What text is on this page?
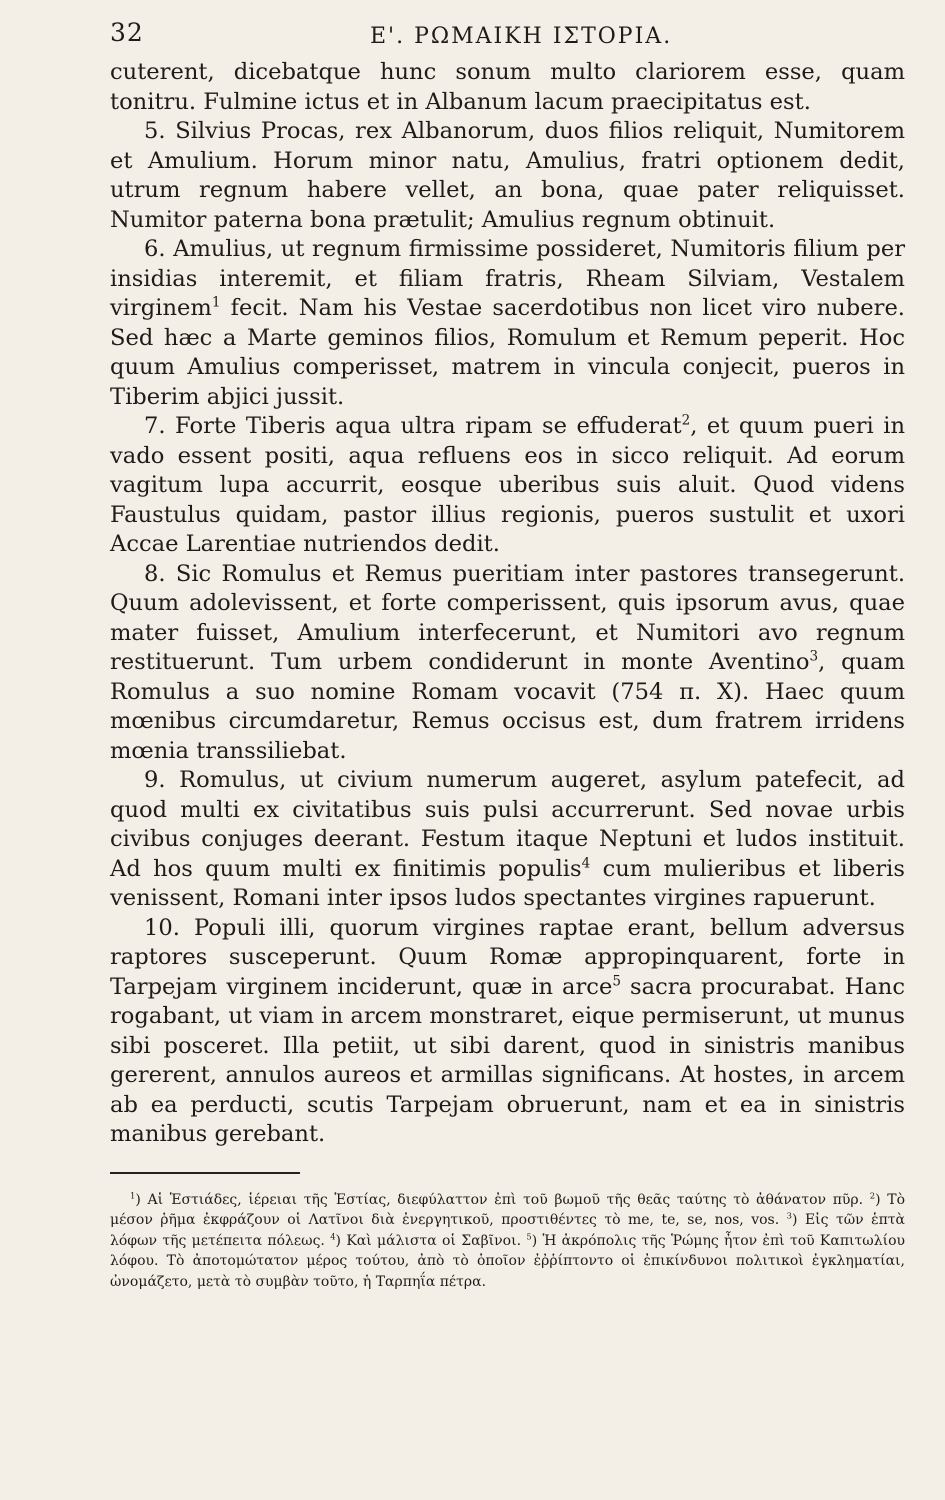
32	Ε'. ΡΩΜΑΙΚΗ ΙΣΤΟΡΙΑ.

cuterent, dicebatque hunc sonum multo clariorem esse, quam tonitru. Fulmine ictus et in Albanum lacum praecipitatus est.

5. Silvius Procas, rex Albanorum, duos filios reliquit, Numitorem et Amulium. Horum minor natu, Amulius, fratri optionem dedit, utrum regnum habere vellet, an bona, quae pater reliquisset. Numitor paterna bona prætulit; Amulius regnum obtinuit.

6. Amulius, ut regnum firmissime possideret, Numitoris filium per insidias interemit, et filiam fratris, Rheam Silviam, Vestalem virginem$^1$ fecit. Nam his Vestae sacerdotibus non licet viro nubere. Sed hæc a Marte geminos filios, Romulum et Remum peperit. Hoc quum Amulius comperisset, matrem in vincula conjecit, pueros in Tiberim abjici jussit.

7. Forte Tiberis aqua ultra ripam se effuderat$^2$, et quum pueri in vado essent positi, aqua refluens eos in sicco reliquit. Ad eorum vagitum lupa accurrit, eosque uberibus suis aluit. Quod videns Faustulus quidam, pastor illius regionis, pueros sustulit et uxori Accae Larentiae nutriendos dedit.

8. Sic Romulus et Remus pueritiam inter pastores transegerunt. Quum adolevissent, et forte comperissent, quis ipsorum avus, quae mater fuisset, Amulium interfecerunt, et Numitori avo regnum restituerunt. Tum urbem condiderunt in monte Aventino$^3$, quam Romulus a suo nomine Romam vocavit (754 π. Χ). Haec quum mœnibus circumdaretur, Remus occisus est, dum fratrem irridens mœnia transsiliebat.

9. Romulus, ut civium numerum augeret, asylum patefecit, ad quod multi ex civitatibus suis pulsi accurrerunt. Sed novae urbis civibus conjuges deerant. Festum itaque Neptuni et ludos instituit. Ad hos quum multi ex finitimis populis$^4$ cum mulieribus et liberis venissent, Romani inter ipsos ludos spectantes virgines rapuerunt.

10. Populi illi, quorum virgines raptae erant, bellum adversus raptores susceperunt. Quum Romæ appropinquarent, forte in Tarpejam virginem inciderunt, quæ in arce$^5$ sacra procurabat. Hanc rogabant, ut viam in arcem monstraret, eique permiserunt, ut munus sibi posceret. Illa petiit, ut sibi darent, quod in sinistris manibus gererent, annulos aureos et armillas significans. At hostes, in arcem ab ea perducti, scutis Tarpejam obruerunt, nam et ea in sinistris manibus gerebant.

$^1$) Αἱ Ἑστιάδες, ἱέρειαι τῆς Ἑστίας, διεφύλαττον ἐπὶ τοῦ βωμοῦ τῆς θεᾶς ταύτης τὸ ἀθάνατον πῦρ. $^2$) Τὸ μέσον ῥῆμα ἐκφράζουν οἱ Λατῖνοι διὰ ἐνεργητικοῦ, προστιθέντες τὸ me, te, se, nos, vos. $^3$) Εἰς τῶν ἑπτὰ λόφων τῆς μετέπειτα πόλεως. $^4$) Καὶ μάλιστα οἱ Σαβῖνοι. $^5$) Ἡ ἀκρόπολις τῆς Ῥώμης ἦτον ἐπὶ τοῦ Καπιτωλίου λόφου. Τὸ ἀποτομώτατον μέρος τούτου, ἀπὸ τὸ ὁποῖον ἐῤῥίπτοντο οἱ ἐπικίνδυνοι πολιτικοὶ ἐγκληματίαι, ὠνομάζετο, μετὰ τὸ συμβὰν τοῦτο, ἡ Ταρπηΐα πέτρα.
